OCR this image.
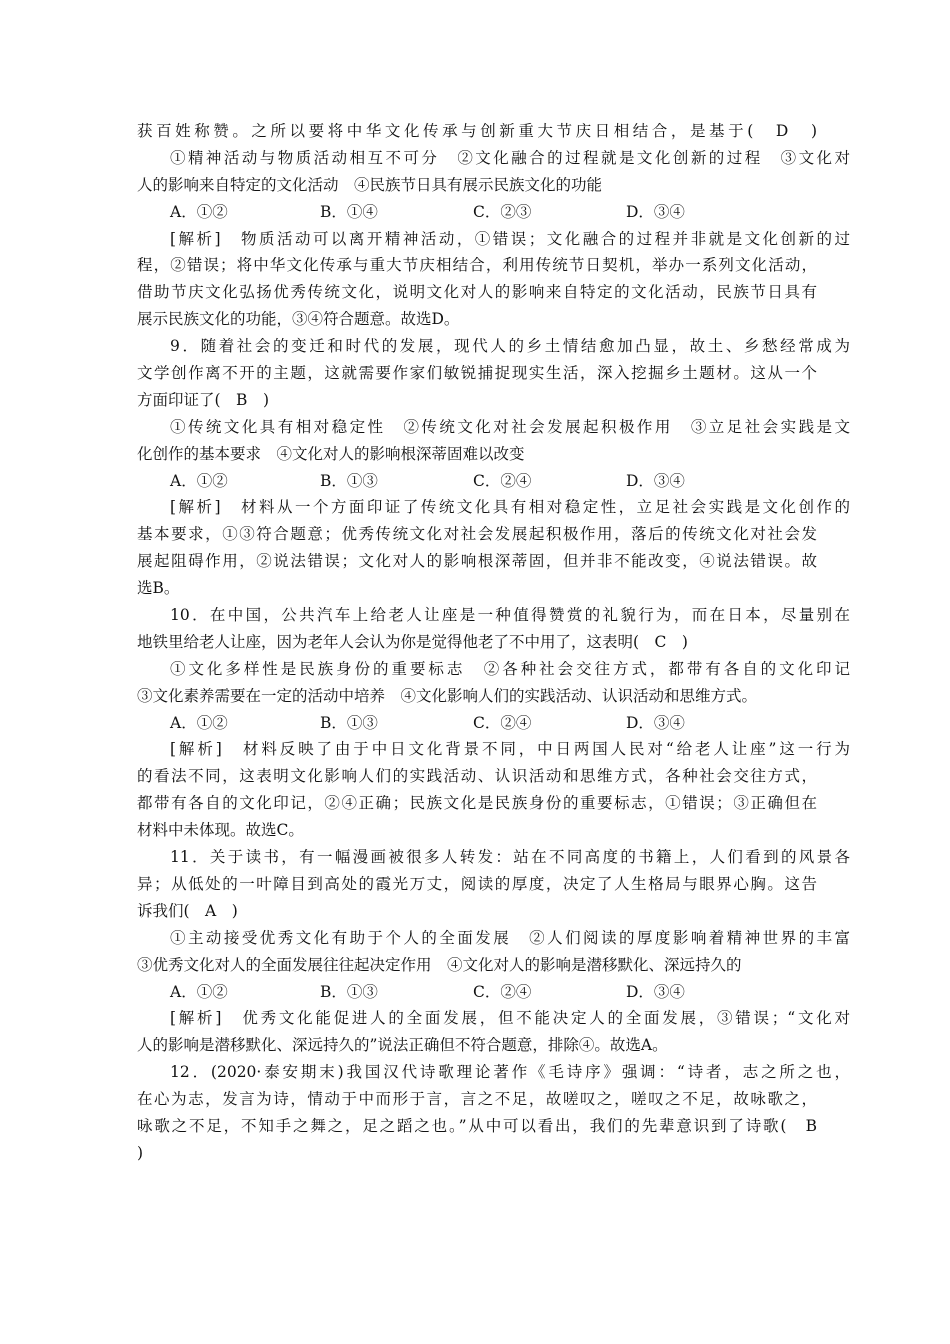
获百姓称赞。之所以要将中华文化传承与创新重大节庆日相结合，是基于(　D　)
①精神活动与物质活动相互不可分　②文化融合的过程就是文化创新的过程　③文化对
人的影响来自特定的文化活动　④民族节日具有展示民族文化的功能
A．①②	B．①④	C．②③	D．③④
[解析]　物质活动可以离开精神活动，①错误；文化融合的过程并非就是文化创新的过
程，②错误；将中华文化传承与重大节庆相结合，利用传统节日契机，举办一系列文化活动，
借助节庆文化弘扬优秀传统文化，说明文化对人的影响来自特定的文化活动，民族节日具有
展示民族文化的功能，③④符合题意。故选D。
9．随着社会的变迁和时代的发展，现代人的乡土情结愈加凸显，故土、乡愁经常成为
文学创作离不开的主题，这就需要作家们敏锐捕捉现实生活，深入挖掘乡土题材。这从一个
方面印证了(　B　)
①传统文化具有相对稳定性　②传统文化对社会发展起积极作用　③立足社会实践是文
化创作的基本要求　④文化对人的影响根深蒂固难以改变
A．①②	B．①③	C．②④	D．③④
[解析]　材料从一个方面印证了传统文化具有相对稳定性，立足社会实践是文化创作的
基本要求，①③符合题意；优秀传统文化对社会发展起积极作用，落后的传统文化对社会发
展起阻碍作用，②说法错误；文化对人的影响根深蒂固，但并非不能改变，④说法错误。故
选B。
10．在中国，公共汽车上给老人让座是一种值得赞赏的礼貌行为，而在日本，尽量别在
地铁里给老人让座，因为老年人会认为你是觉得他老了不中用了，这表明(　C　)
①文化多样性是民族身份的重要标志　②各种社会交往方式，都带有各自的文化印记
③文化素养需要在一定的活动中培养　④文化影响人们的实践活动、认识活动和思维方式。
A．①②	B．①③	C．②④	D．③④
[解析]　材料反映了由于中日文化背景不同，中日两国人民对“给老人让座”这一行为
的看法不同，这表明文化影响人们的实践活动、认识活动和思维方式，各种社会交往方式，
都带有各自的文化印记，②④正确；民族文化是民族身份的重要标志，①错误；③正确但在
材料中未体现。故选C。
11．关于读书，有一幅漫画被很多人转发：站在不同高度的书籍上，人们看到的风景各
异；从低处的一叶障目到高处的霞光万丈，阅读的厚度，决定了人生格局与眼界心胸。这告
诉我们(　A　)
①主动接受优秀文化有助于个人的全面发展　②人们阅读的厚度影响着精神世界的丰富
③优秀文化对人的全面发展往往起决定作用　④文化对人的影响是潜移默化、深远持久的
A．①②	B．①③	C．②④	D．③④
[解析]　优秀文化能促进人的全面发展，但不能决定人的全面发展，③错误；“文化对
人的影响是潜移默化、深远持久的”说法正确但不符合题意，排除④。故选A。
12．(2020·泰安期末)我国汉代诗歌理论著作《毛诗序》强调：“诗者，志之所之也，
在心为志，发言为诗，情动于中而形于言，言之不足，故嗟叹之，嗟叹之不足，故咏歌之，
咏歌之不足，不知手之舞之，足之蹈之也。”从中可以看出，我们的先辈意识到了诗歌(　B
)
